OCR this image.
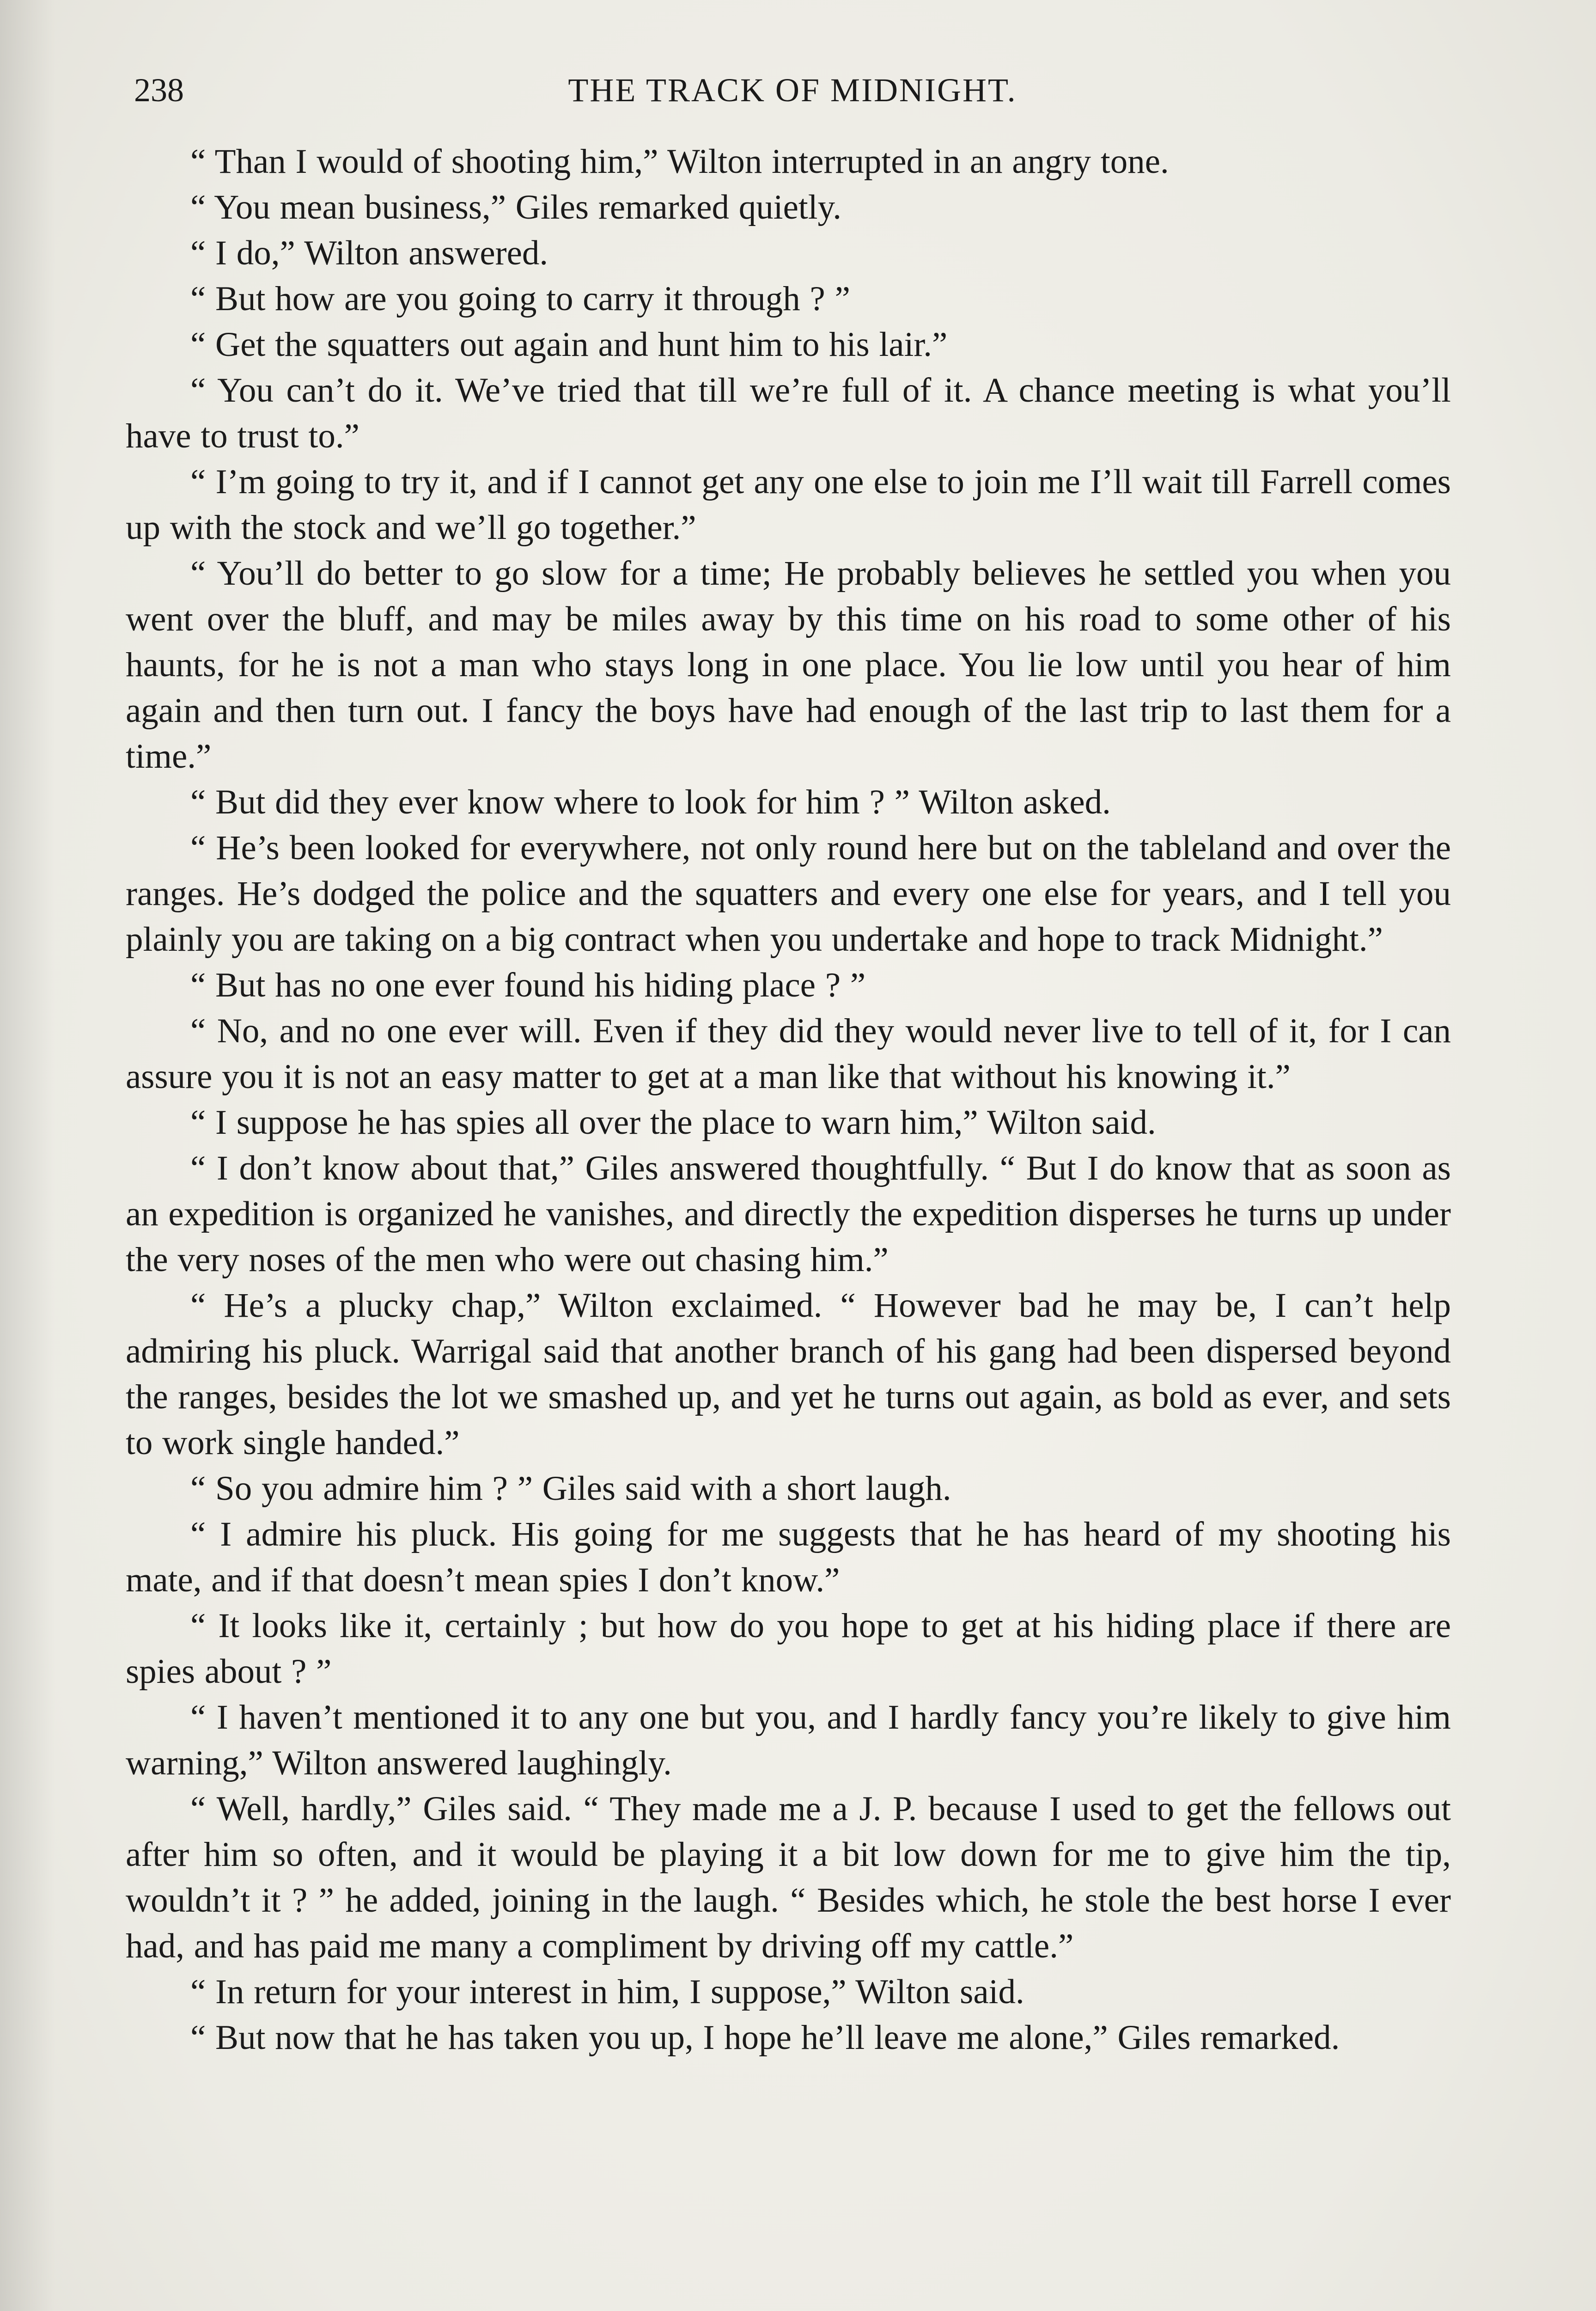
238	THE TRACK OF MIDNIGHT.

“ Than I would of shooting him,” Wilton interrupted in an angry tone.

“ You mean business,” Giles remarked quietly.

“ I do,” Wilton answered.

“ But how are you going to carry it through ? ”

“ Get the squatters out again and hunt him to his lair.”

“ You can’t do it. We’ve tried that till we’re full of it. A chance meeting is what you’ll have to trust to.”

“ I’m going to try it, and if I cannot get any one else to join me I’ll wait till Farrell comes up with the stock and we’ll go together.”

“ You’ll do better to go slow for a time; He probably believes he settled you when you went over the bluff, and may be miles away by this time on his road to some other of his haunts, for he is not a man who stays long in one place. You lie low until you hear of him again and then turn out. I fancy the boys have had enough of the last trip to last them for a time.”

“ But did they ever know where to look for him ? ” Wilton asked.

“ He’s been looked for everywhere, not only round here but on the tableland and over the ranges. He’s dodged the police and the squatters and every one else for years, and I tell you plainly you are taking on a big contract when you undertake and hope to track Midnight.”

“ But has no one ever found his hiding place ? ”

“ No, and no one ever will. Even if they did they would never live to tell of it, for I can assure you it is not an easy matter to get at a man like that without his knowing it.”

“ I suppose he has spies all over the place to warn him,” Wilton said.

“ I don’t know about that,” Giles answered thoughtfully. “ But I do know that as soon as an expedition is organized he vanishes, and directly the expedition disperses he turns up under the very noses of the men who were out chasing him.”

“ He’s a plucky chap,” Wilton exclaimed. “ However bad he may be, I can’t help admiring his pluck. Warrigal said that another branch of his gang had been dispersed beyond the ranges, besides the lot we smashed up, and yet he turns out again, as bold as ever, and sets to work single handed.”

“ So you admire him ? ” Giles said with a short laugh.

“ I admire his pluck. His going for me suggests that he has heard of my shooting his mate, and if that doesn’t mean spies I don’t know.”

“ It looks like it, certainly ; but how do you hope to get at his hiding place if there are spies about ? ”

“ I haven’t mentioned it to any one but you, and I hardly fancy you’re likely to give him warning,” Wilton answered laughingly.

“ Well, hardly,” Giles said. “ They made me a J. P. because I used to get the fellows out after him so often, and it would be playing it a bit low down for me to give him the tip, wouldn’t it ? ” he added, joining in the laugh. “ Besides which, he stole the best horse I ever had, and has paid me many a compliment by driving off my cattle.”

“ In return for your interest in him, I suppose,” Wilton said.

“ But now that he has taken you up, I hope he’ll leave me alone,” Giles remarked.
